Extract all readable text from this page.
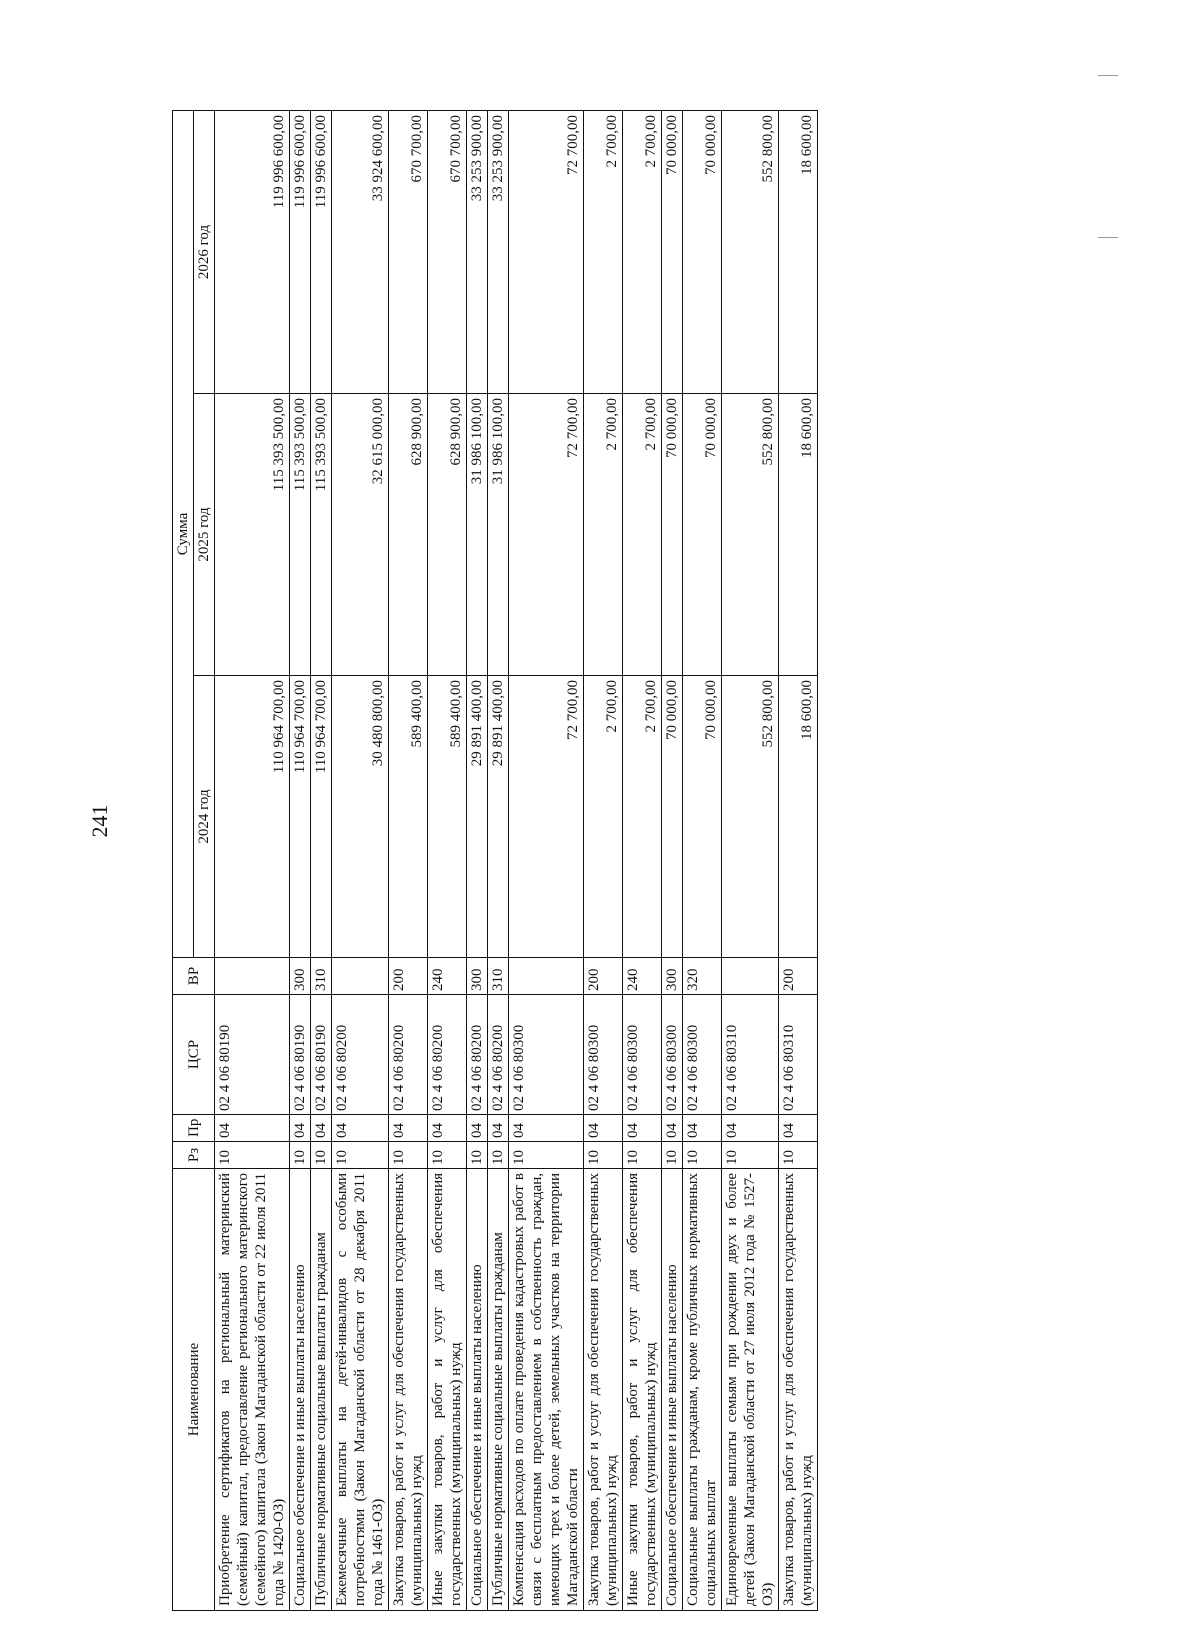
241
Наименование	Рз	Пр	ЦСР	ВР	Сумма		
					2024 год	2025 год	2026 год
Приобретение сертификатов на региональный материнский (семейный) капитал, предоставление регионального материнского (семейного) капитала (Закон Магаданской области от 22 июля 2011 года № 1420-ОЗ)	10	04	02 4 06 80190		110 964 700,00	115 393 500,00	119 996 600,00
Социальное обеспечение и иные выплаты населению	10	04	02 4 06 80190	300	110 964 700,00	115 393 500,00	119 996 600,00
Публичные нормативные социальные выплаты гражданам	10	04	02 4 06 80190	310	110 964 700,00	115 393 500,00	119 996 600,00
Ежемесячные выплаты на детей-инвалидов с особыми потребностями (Закон Магаданской области от 28 декабря 2011 года № 1461-ОЗ)	10	04	02 4 06 80200		30 480 800,00	32 615 000,00	33 924 600,00
Закупка товаров, работ и услуг для обеспечения государственных (муниципальных) нужд	10	04	02 4 06 80200	200	589 400,00	628 900,00	670 700,00
Иные закупки товаров, работ и услуг для обеспечения государственных (муниципальных) нужд	10	04	02 4 06 80200	240	589 400,00	628 900,00	670 700,00
Социальное обеспечение и иные выплаты населению	10	04	02 4 06 80200	300	29 891 400,00	31 986 100,00	33 253 900,00
Публичные нормативные социальные выплаты гражданам	10	04	02 4 06 80200	310	29 891 400,00	31 986 100,00	33 253 900,00
Компенсация расходов по оплате проведения кадастровых работ в связи с бесплатным предоставлением в собственность граждан, имеющих трех и более детей, земельных участков на территории Магаданской области	10	04	02 4 06 80300		72 700,00	72 700,00	72 700,00
Закупка товаров, работ и услуг для обеспечения государственных (муниципальных) нужд	10	04	02 4 06 80300	200	2 700,00	2 700,00	2 700,00
Иные закупки товаров, работ и услуг для обеспечения государственных (муниципальных) нужд	10	04	02 4 06 80300	240	2 700,00	2 700,00	2 700,00
Социальное обеспечение и иные выплаты населению	10	04	02 4 06 80300	300	70 000,00	70 000,00	70 000,00
Социальные выплаты гражданам, кроме публичных нормативных социальных выплат	10	04	02 4 06 80300	320	70 000,00	70 000,00	70 000,00
Единовременные выплаты семьям при рождении двух и более детей (Закон Магаданской области от 27 июля 2012 года № 1527-ОЗ)	10	04	02 4 06 80310		552 800,00	552 800,00	552 800,00
Закупка товаров, работ и услуг для обеспечения государственных (муниципальных) нужд	10	04	02 4 06 80310	200	18 600,00	18 600,00	18 600,00
